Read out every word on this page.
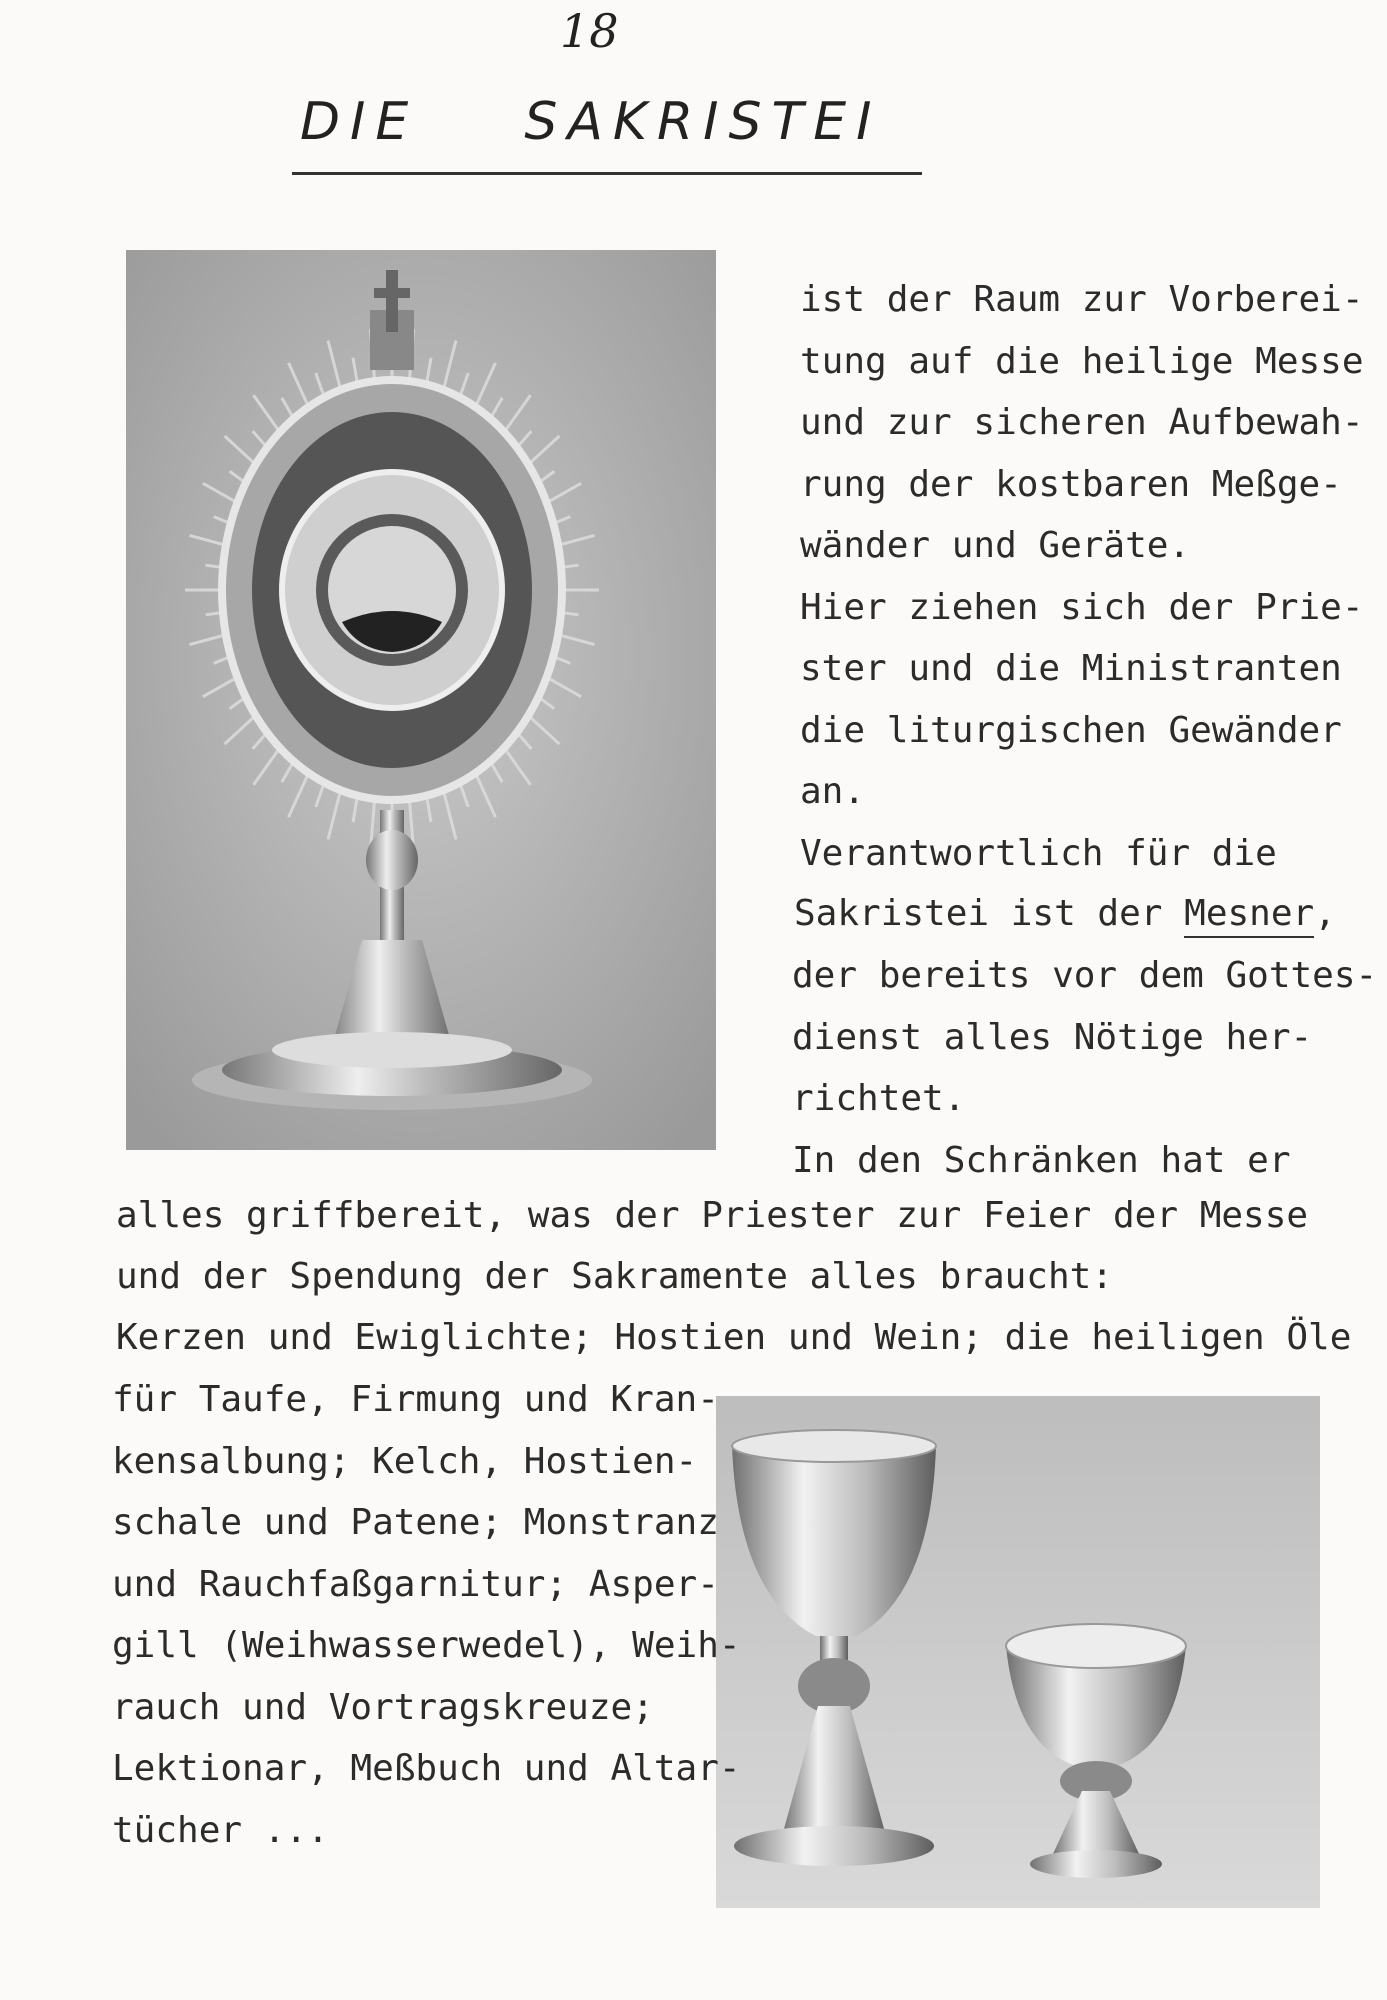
18
DIE    SAKRISTEI
ist der Raum zur Vorberei-
tung auf die heilige Messe
und zur sicheren Aufbewah-
rung der kostbaren Meßge-
wänder und Geräte.
Hier ziehen sich der Prie-
ster und die Ministranten
die liturgischen Gewänder
an.
Verantwortlich für die
Sakristei ist der Mesner,
der bereits vor dem Gottes-
dienst alles Nötige her-
richtet.
In den Schränken hat er
alles griffbereit, was der Priester zur Feier der Messe
und der Spendung der Sakramente alles braucht:
Kerzen und Ewiglichte; Hostien und Wein; die heiligen Öle
für Taufe, Firmung und Kran-
kensalbung; Kelch, Hostien-
schale und Patene; Monstranz
und Rauchfaßgarnitur; Asper-
gill (Weihwasserwedel), Weih-
rauch und Vortragskreuze;
Lektionar, Meßbuch und Altar-
tücher ...
